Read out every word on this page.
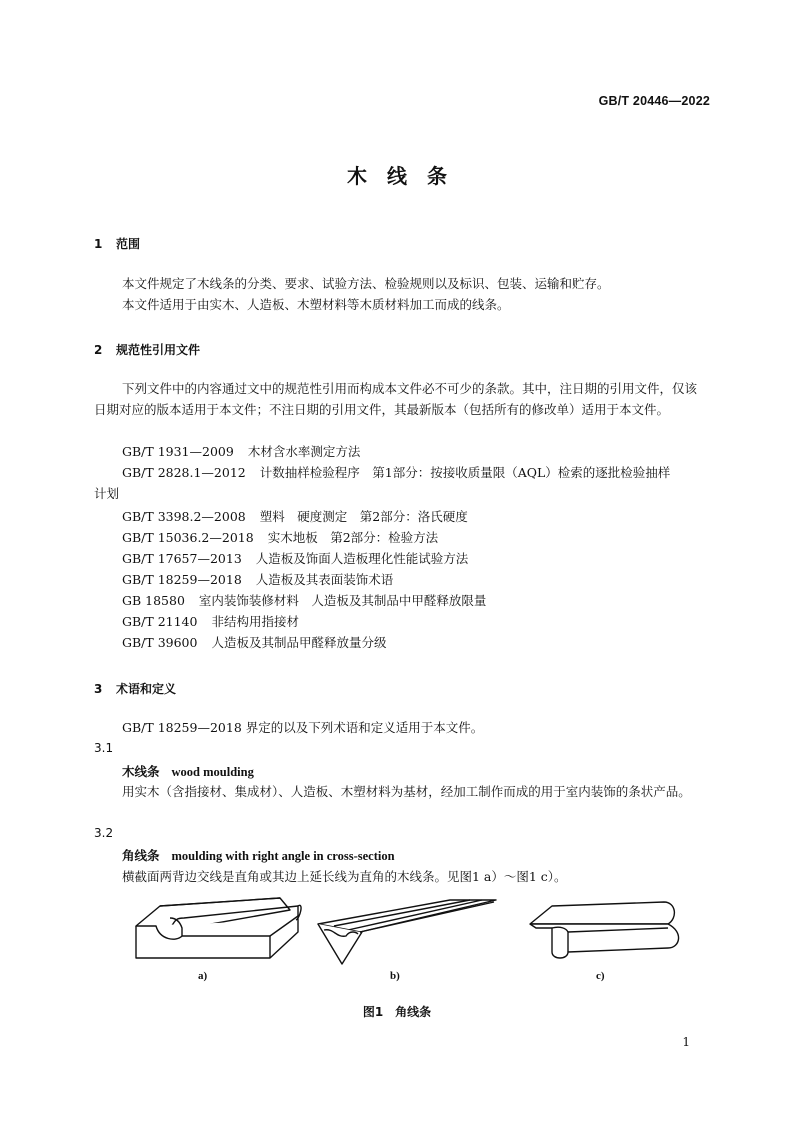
GB/T 20446—2022
木　线　条
1 范围
本文件规定了木线条的分类、要求、试验方法、检验规则以及标识、包装、运输和贮存。
本文件适用于由实木、人造板、木塑材料等木质材料加工而成的线条。
2 规范性引用文件
下列文件中的内容通过文中的规范性引用而构成本文件必不可少的条款。其中，注日期的引用文件，仅该日期对应的版本适用于本文件；不注日期的引用文件，其最新版本（包括所有的修改单）适用于本文件。
GB/T 1931—2009 木材含水率测定方法
GB/T 2828.1—2012 计数抽样检验程序　第1部分：按接收质量限（AQL）检索的逐批检验抽样
计划
GB/T 3398.2—2008 塑料　硬度测定　第2部分：洛氏硬度
GB/T 15036.2—2018 实木地板　第2部分：检验方法
GB/T 17657—2013 人造板及饰面人造板理化性能试验方法
GB/T 18259—2018 人造板及其表面装饰术语
GB 18580 室内装饰装修材料　人造板及其制品中甲醛释放限量
GB/T 21140 非结构用指接材
GB/T 39600 人造板及其制品甲醛释放量分级
3 术语和定义
GB/T 18259—2018 界定的以及下列术语和定义适用于本文件。
3.1
木线条 wood moulding
用实木（含指接材、集成材）、人造板、木塑材料为基材，经加工制作而成的用于室内装饰的条状产品。
3.2
角线条 moulding with right angle in cross-section
横截面两背边交线是直角或其边上延长线为直角的木线条。见图1 a）～图1 c）。
a)	b)	c)
图1 角线条
1
